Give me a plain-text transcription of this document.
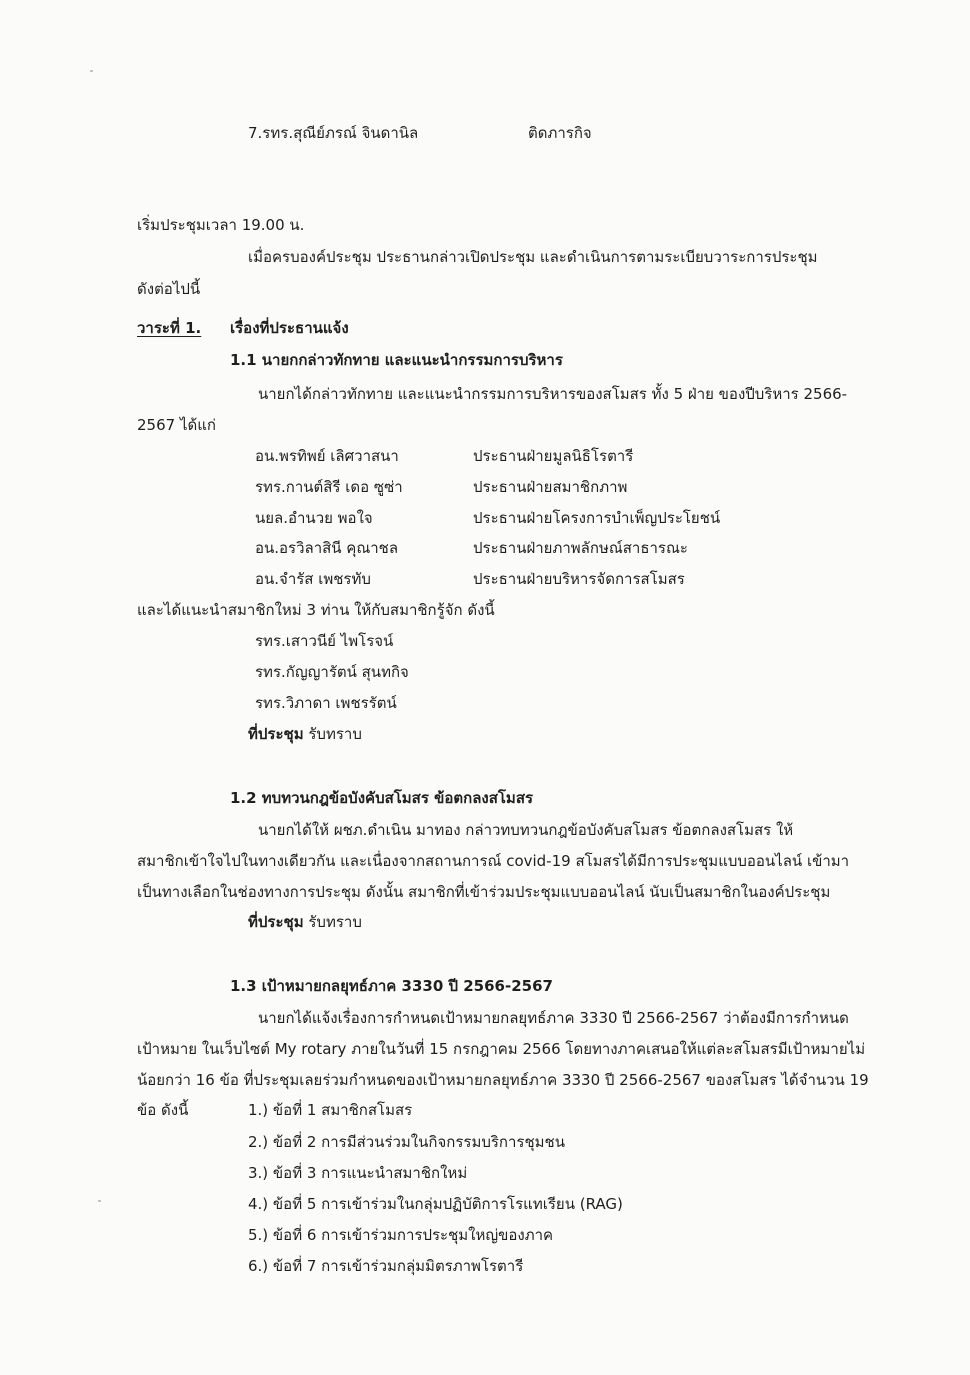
7.รทร.สุณีย์ภรณ์ จินดานิล	ติดภารกิจ
เริ่มประชุมเวลา 19.00 น.
เมื่อครบองค์ประชุม ประธานกล่าวเปิดประชุม และดำเนินการตามระเบียบวาระการประชุม
ดังต่อไปนี้
วาระที่ 1. เรื่องที่ประธานแจ้ง
1.1 นายกกล่าวทักทาย และแนะนำกรรมการบริหาร
นายกได้กล่าวทักทาย และแนะนำกรรมการบริหารของสโมสร ทั้ง 5 ฝ่าย ของปีบริหาร 2566-
2567 ได้แก่
อน.พรทิพย์ เลิศวาสนา	ประธานฝ่ายมูลนิธิโรตารี
รทร.กานต์สิรี เดอ ซูซ่า	ประธานฝ่ายสมาชิกภาพ
นยล.อำนวย พอใจ	ประธานฝ่ายโครงการบำเพ็ญประโยชน์
อน.อรวิลาสินี คุณาชล	ประธานฝ่ายภาพลักษณ์สาธารณะ
อน.จำรัส เพชรทับ	ประธานฝ่ายบริหารจัดการสโมสร
และได้แนะนำสมาชิกใหม่ 3 ท่าน ให้กับสมาชิกรู้จัก ดังนี้
รทร.เสาวนีย์ ไพโรจน์
รทร.กัญญารัตน์ สุนทกิจ
รทร.วิภาดา เพชรรัตน์
ที่ประชุม รับทราบ
1.2 ทบทวนกฎข้อบังคับสโมสร ข้อตกลงสโมสร
นายกได้ให้ ผชภ.ดำเนิน มาทอง กล่าวทบทวนกฎข้อบังคับสโมสร ข้อตกลงสโมสร ให้
สมาชิกเข้าใจไปในทางเดียวกัน และเนื่องจากสถานการณ์ covid-19 สโมสรได้มีการประชุมแบบออนไลน์ เข้ามา
เป็นทางเลือกในช่องทางการประชุม ดังนั้น สมาชิกที่เข้าร่วมประชุมแบบออนไลน์ นับเป็นสมาชิกในองค์ประชุม
ที่ประชุม รับทราบ
1.3 เป้าหมายกลยุทธ์ภาค 3330 ปี 2566-2567
นายกได้แจ้งเรื่องการกำหนดเป้าหมายกลยุทธ์ภาค 3330 ปี 2566-2567 ว่าต้องมีการกำหนด
เป้าหมาย ในเว็บไซต์ My rotary ภายในวันที่ 15 กรกฎาคม 2566 โดยทางภาคเสนอให้แต่ละสโมสรมีเป้าหมายไม่
น้อยกว่า 16 ข้อ ที่ประชุมเลยร่วมกำหนดของเป้าหมายกลยุทธ์ภาค 3330 ปี 2566-2567 ของสโมสร ได้จำนวน 19
ข้อ ดังนี้	1.) ข้อที่ 1 สมาชิกสโมสร
2.) ข้อที่ 2 การมีส่วนร่วมในกิจกรรมบริการชุมชน
3.) ข้อที่ 3 การแนะนำสมาชิกใหม่
4.) ข้อที่ 5 การเข้าร่วมในกลุ่มปฏิบัติการโรแทเรียน (RAG)
5.) ข้อที่ 6 การเข้าร่วมการประชุมใหญ่ของภาค
6.) ข้อที่ 7 การเข้าร่วมกลุ่มมิตรภาพโรตารี
